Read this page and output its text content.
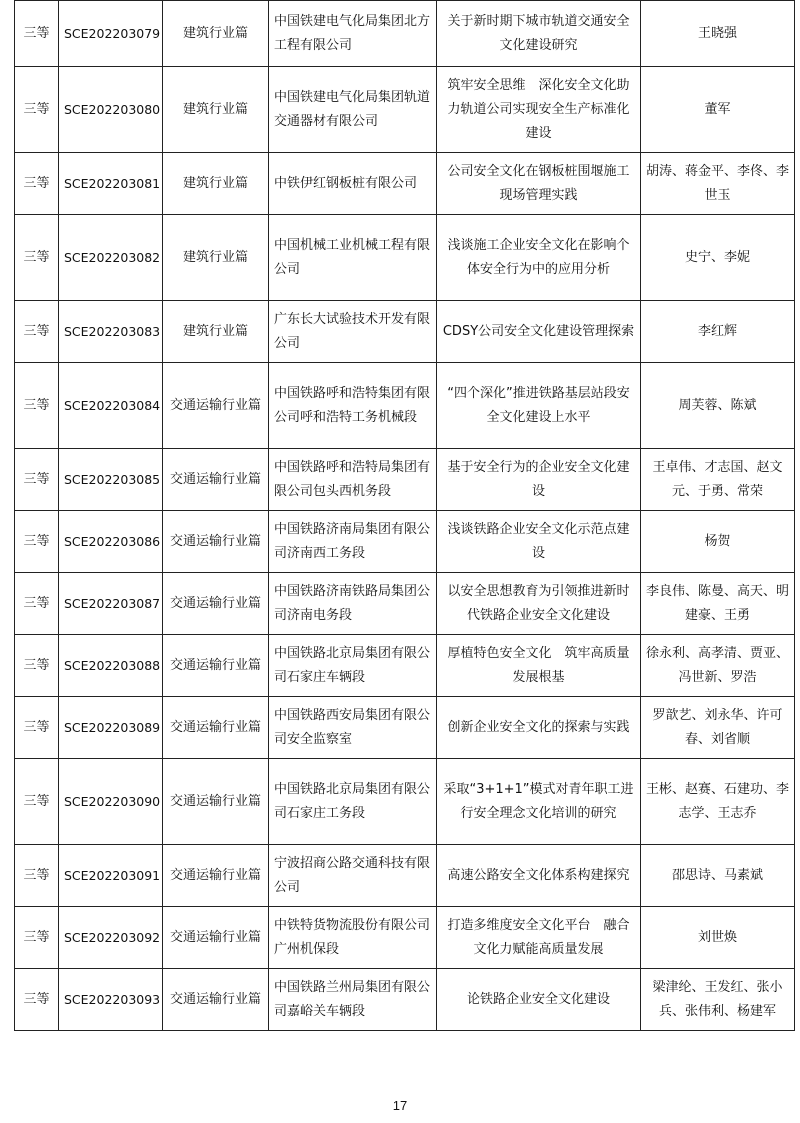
三等	SCE202203079	建筑行业篇	中国铁建电气化局集团北方工程有限公司	关于新时期下城市轨道交通安全文化建设研究	王晓强
三等	SCE202203080	建筑行业篇	中国铁建电气化局集团轨道交通器材有限公司	筑牢安全思维　深化安全文化助力轨道公司实现安全生产标准化建设	董军
三等	SCE202203081	建筑行业篇	中铁伊红钢板桩有限公司	公司安全文化在钢板桩围堰施工现场管理实践	胡涛、蒋金平、李佟、李世玉
三等	SCE202203082	建筑行业篇	中国机械工业机械工程有限公司	浅谈施工企业安全文化在影响个体安全行为中的应用分析	史宁、李妮
三等	SCE202203083	建筑行业篇	广东长大试验技术开发有限公司	CDSY公司安全文化建设管理探索	李红辉
三等	SCE202203084	交通运输行业篇	中国铁路呼和浩特集团有限公司呼和浩特工务机械段	“四个深化”推进铁路基层站段安全文化建设上水平	周芙蓉、陈斌
三等	SCE202203085	交通运输行业篇	中国铁路呼和浩特局集团有限公司包头西机务段	基于安全行为的企业安全文化建设	王卓伟、才志国、赵文元、于勇、常荣
三等	SCE202203086	交通运输行业篇	中国铁路济南局集团有限公司济南西工务段	浅谈铁路企业安全文化示范点建设	杨贺
三等	SCE202203087	交通运输行业篇	中国铁路济南铁路局集团公司济南电务段	以安全思想教育为引领推进新时代铁路企业安全文化建设	李良伟、陈曼、高天、明建豪、王勇
三等	SCE202203088	交通运输行业篇	中国铁路北京局集团有限公司石家庄车辆段	厚植特色安全文化　筑牢高质量发展根基	徐永利、高孝清、贾亚、冯世新、罗浩
三等	SCE202203089	交通运输行业篇	中国铁路西安局集团有限公司安全监察室	创新企业安全文化的探索与实践	罗歆艺、刘永华、许可春、刘省顺
三等	SCE202203090	交通运输行业篇	中国铁路北京局集团有限公司石家庄工务段	采取“3+1+1”模式对青年职工进行安全理念文化培训的研究	王彬、赵赛、石建功、李志学、王志乔
三等	SCE202203091	交通运输行业篇	宁波招商公路交通科技有限公司	高速公路安全文化体系构建探究	邵思诗、马素斌
三等	SCE202203092	交通运输行业篇	中铁特货物流股份有限公司广州机保段	打造多维度安全文化平台　融合文化力赋能高质量发展	刘世焕
三等	SCE202203093	交通运输行业篇	中国铁路兰州局集团有限公司嘉峪关车辆段	论铁路企业安全文化建设	梁津纶、王发红、张小兵、张伟利、杨建军
17
